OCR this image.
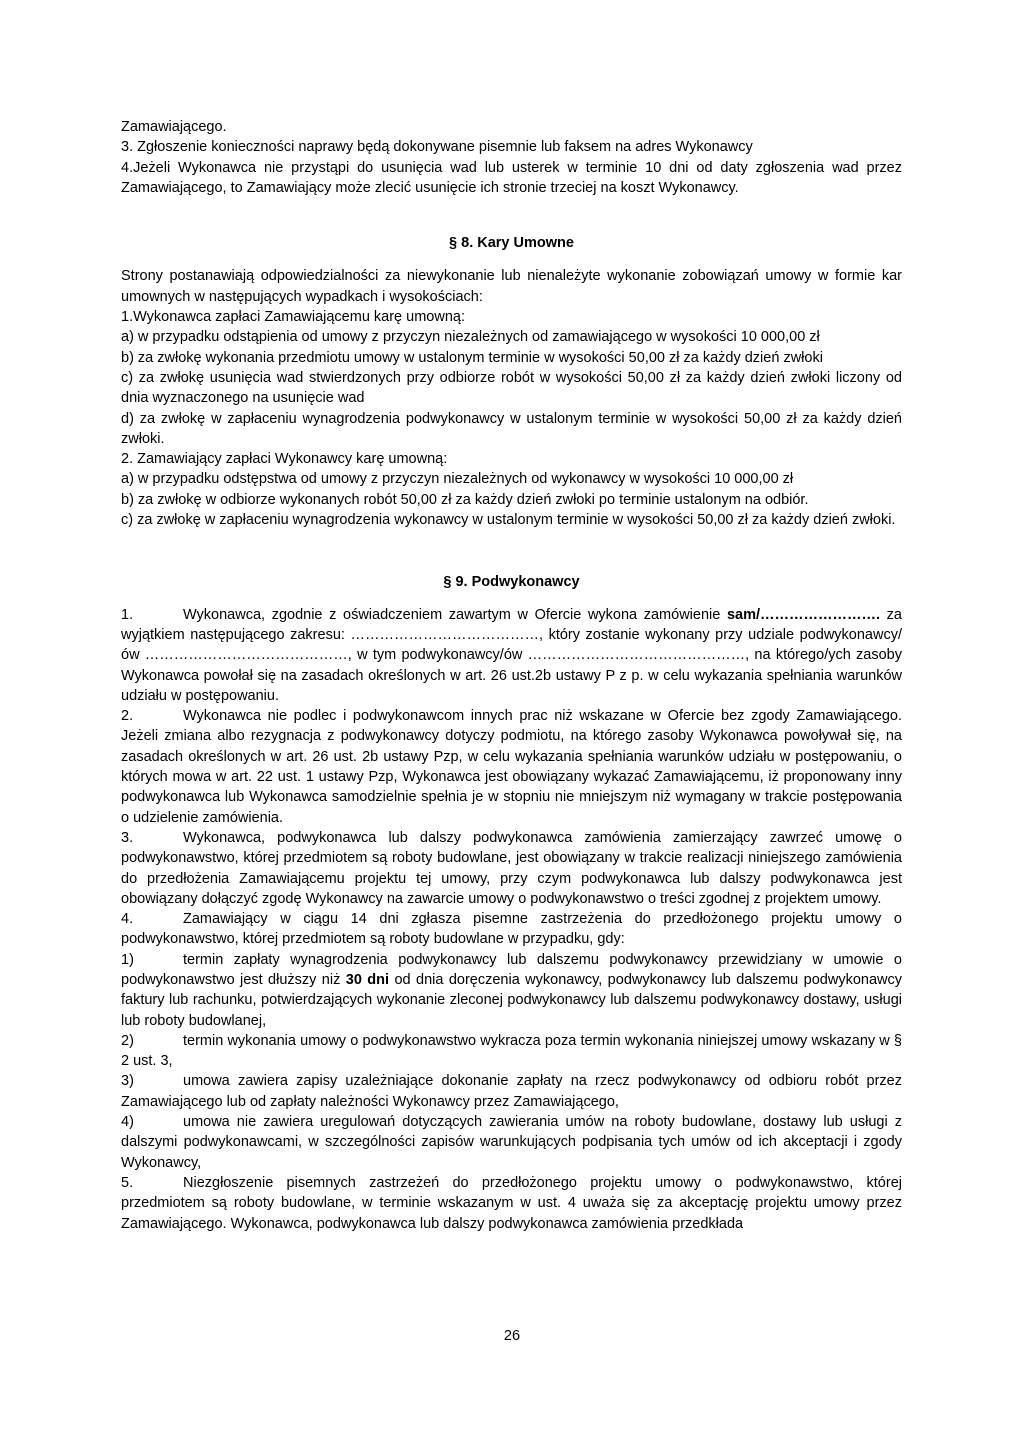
Zamawiającego.

3. Zgłoszenie konieczności naprawy będą dokonywane pisemnie lub faksem na adres Wykonawcy

4.Jeżeli Wykonawca nie przystąpi do usunięcia wad lub usterek w terminie 10 dni od daty zgłoszenia wad przez Zamawiającego, to Zamawiający może zlecić usunięcie ich stronie trzeciej na koszt Wykonawcy.

§ 8. Kary Umowne

Strony postanawiają odpowiedzialności za niewykonanie lub nienależyte wykonanie zobowiązań umowy w formie kar umownych w następujących wypadkach i wysokościach:

1.Wykonawca zapłaci Zamawiającemu karę umowną:

a) w przypadku odstąpienia od umowy z przyczyn niezależnych od zamawiającego w wysokości 10 000,00 zł

b) za zwłokę wykonania przedmiotu umowy w ustalonym terminie w wysokości 50,00 zł za każdy dzień zwłoki

c) za zwłokę usunięcia wad stwierdzonych przy odbiorze robót w wysokości 50,00 zł za każdy dzień zwłoki liczony od dnia wyznaczonego na usunięcie wad

d) za zwłokę w zapłaceniu wynagrodzenia podwykonawcy w ustalonym terminie w wysokości 50,00 zł za każdy dzień zwłoki.

2. Zamawiający zapłaci Wykonawcy karę umowną:

a) w przypadku odstępstwa od umowy z przyczyn niezależnych od wykonawcy w wysokości 10 000,00 zł

b) za zwłokę w odbiorze wykonanych robót 50,00 zł za każdy dzień zwłoki po terminie ustalonym na odbiór.

c) za zwłokę w zapłaceniu wynagrodzenia wykonawcy w ustalonym terminie w wysokości 50,00 zł za każdy dzień zwłoki.

§ 9. Podwykonawcy

1.	Wykonawca, zgodnie z oświadczeniem zawartym w Ofercie wykona zamówienie sam/……………………. za wyjątkiem następującego zakresu: …………………………………, który zostanie wykonany przy udziale podwykonawcy/ów ……………………………………, w tym podwykonawcy/ów ………………………………………, na którego/ych zasoby Wykonawca powołał się na zasadach określonych w art. 26 ust.2b ustawy P z p. w celu wykazania spełniania warunków udziału w postępowaniu.

2.	Wykonawca nie podlec i podwykonawcom innych prac niż wskazane w Ofercie bez zgody Zamawiającego. Jeżeli zmiana albo rezygnacja z podwykonawcy dotyczy podmiotu, na którego zasoby Wykonawca powoływał się, na zasadach określonych w art. 26 ust. 2b ustawy Pzp, w celu wykazania spełniania warunków udziału w postępowaniu, o których mowa w art. 22 ust. 1 ustawy Pzp, Wykonawca jest obowiązany wykazać Zamawiającemu, iż proponowany inny podwykonawca lub Wykonawca samodzielnie spełnia je w stopniu nie mniejszym niż wymagany w trakcie postępowania o udzielenie zamówienia.

3.	Wykonawca, podwykonawca lub dalszy podwykonawca zamówienia zamierzający zawrzeć umowę o podwykonawstwo, której przedmiotem są roboty budowlane, jest obowiązany w trakcie realizacji niniejszego zamówienia do przedłożenia Zamawiającemu projektu tej umowy, przy czym podwykonawca lub dalszy podwykonawca jest obowiązany dołączyć zgodę Wykonawcy na zawarcie umowy o podwykonawstwo o treści zgodnej z projektem umowy.

4.	Zamawiający w ciągu 14 dni zgłasza pisemne zastrzeżenia do przedłożonego projektu umowy o podwykonawstwo, której przedmiotem są roboty budowlane w przypadku, gdy:

1)	termin zapłaty wynagrodzenia podwykonawcy lub dalszemu podwykonawcy przewidziany w umowie o podwykonawstwo jest dłuższy niż 30 dni od dnia doręczenia wykonawcy, podwykonawcy lub dalszemu podwykonawcy faktury lub rachunku, potwierdzających wykonanie zleconej podwykonawcy lub dalszemu podwykonawcy dostawy, usługi lub roboty budowlanej,

2)	termin wykonania umowy o podwykonawstwo wykracza poza termin wykonania niniejszej umowy wskazany w § 2 ust. 3,

3)	umowa zawiera zapisy uzależniające dokonanie zapłaty na rzecz podwykonawcy od odbioru robót przez Zamawiającego lub od zapłaty należności Wykonawcy przez Zamawiającego,

4)	umowa nie zawiera uregulowań dotyczących zawierania umów na roboty budowlane, dostawy lub usługi z dalszymi podwykonawcami, w szczególności zapisów warunkujących podpisania tych umów od ich akceptacji i zgody Wykonawcy,

5.	Niezgłoszenie pisemnych zastrzeżeń do przedłożonego projektu umowy o podwykonawstwo, której przedmiotem są roboty budowlane, w terminie wskazanym w ust. 4 uważa się za akceptację projektu umowy przez Zamawiającego. Wykonawca, podwykonawca lub dalszy podwykonawca zamówienia przedkłada

26
